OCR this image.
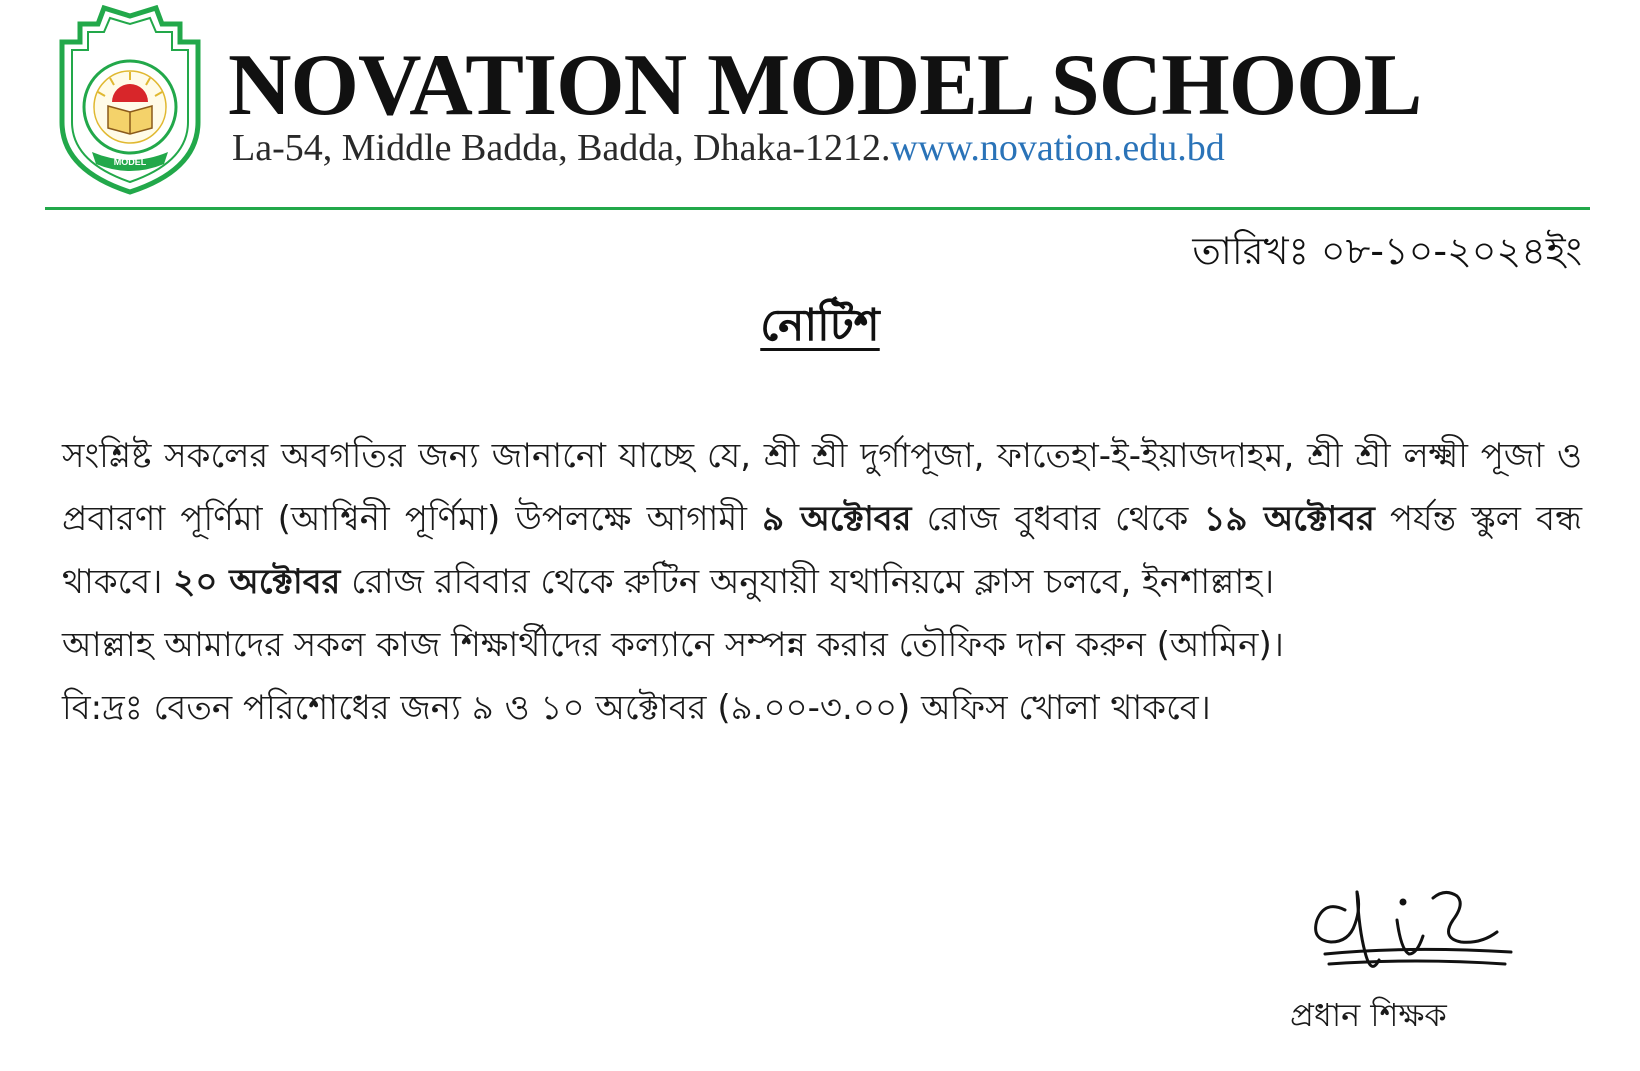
MODEL
NOVATION MODEL SCHOOL
La-54, Middle Badda, Badda, Dhaka-1212.www.novation.edu.bd
তারিখঃ ০৮-১০-২০২৪ইং
নোটিশ

সংশ্লিষ্ট সকলের অবগতির জন্য জানানো যাচ্ছে যে, শ্রী শ্রী দুর্গাপূজা, ফাতেহা-ই-ইয়াজদাহম, শ্রী শ্রী লক্ষ্মী পূজা ও প্রবারণা পূর্ণিমা (আশ্বিনী পূর্ণিমা) উপলক্ষে আগামী ৯ অক্টোবর রোজ বুধবার থেকে ১৯ অক্টোবর পর্যন্ত স্কুল বন্ধ থাকবে। ২০ অক্টোবর রোজ রবিবার থেকে রুটিন অনুযায়ী যথানিয়মে ক্লাস চলবে, ইনশাল্লাহ।

আল্লাহ আমাদের সকল কাজ শিক্ষার্থীদের কল্যানে সম্পন্ন করার তৌফিক দান করুন (আমিন)।

বি:দ্রঃ বেতন পরিশোধের জন্য ৯ ও ১০ অক্টোবর (৯.০০-৩.০০) অফিস খোলা থাকবে।

প্রধান শিক্ষক
